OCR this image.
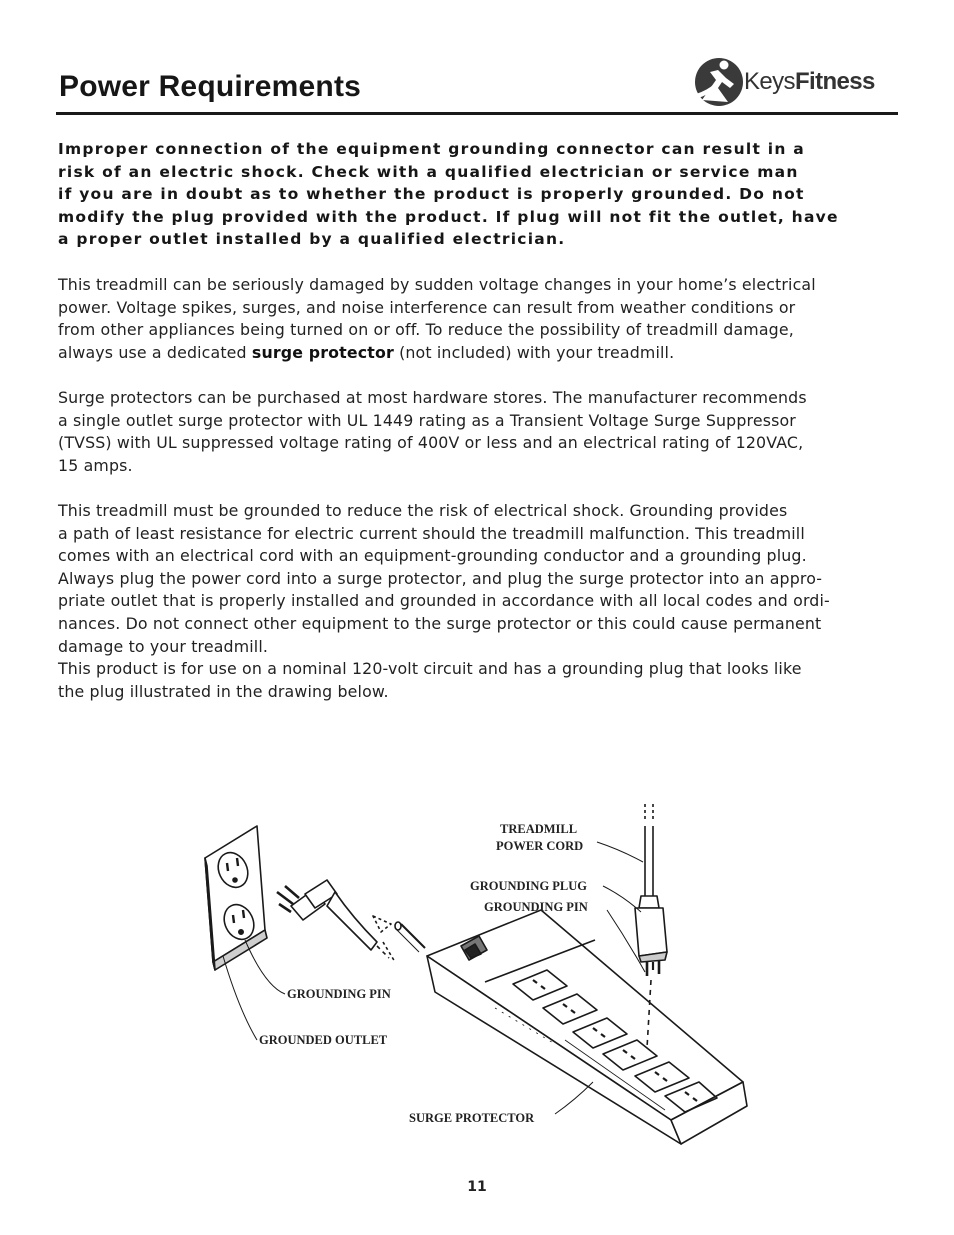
Power Requirements	KeysFitness

Improper connection of the equipment grounding connector can result in a
risk of an electric shock. Check with a qualified electrician or service man
if you are in doubt as to whether the product is properly grounded. Do not
modify the plug provided with the product. If plug will not fit the outlet, have
a proper outlet installed by a qualified electrician.

This treadmill can be seriously damaged by sudden voltage changes in your home’s electrical
power. Voltage spikes, surges, and noise interference can result from weather conditions or
from other appliances being turned on or off. To reduce the possibility of treadmill damage,
always use a dedicated surge protector (not included) with your treadmill.

Surge protectors can be purchased at most hardware stores. The manufacturer recommends
a single outlet surge protector with UL 1449 rating as a Transient Voltage Surge Suppressor
(TVSS) with UL suppressed voltage rating of 400V or less and an electrical rating of 120VAC,
15 amps.

This treadmill must be grounded to reduce the risk of electrical shock. Grounding provides
a path of least resistance for electric current should the treadmill malfunction. This treadmill
comes with an electrical cord with an equipment-grounding conductor and a grounding plug.
Always plug the power cord into a surge protector, and plug the surge protector into an appro-
priate outlet that is properly installed and grounded in accordance with all local codes and ordi-
nances. Do not connect other equipment to the surge protector or this could cause permanent
damage to your treadmill.
This product is for use on a nominal 120-volt circuit and has a grounding plug that looks like
the plug illustrated in the drawing below.

TREADMILL
POWER CORD
GROUNDING PLUG
GROUNDING PIN
GROUNDING PIN
GROUNDED OUTLET
SURGE PROTECTOR
11
